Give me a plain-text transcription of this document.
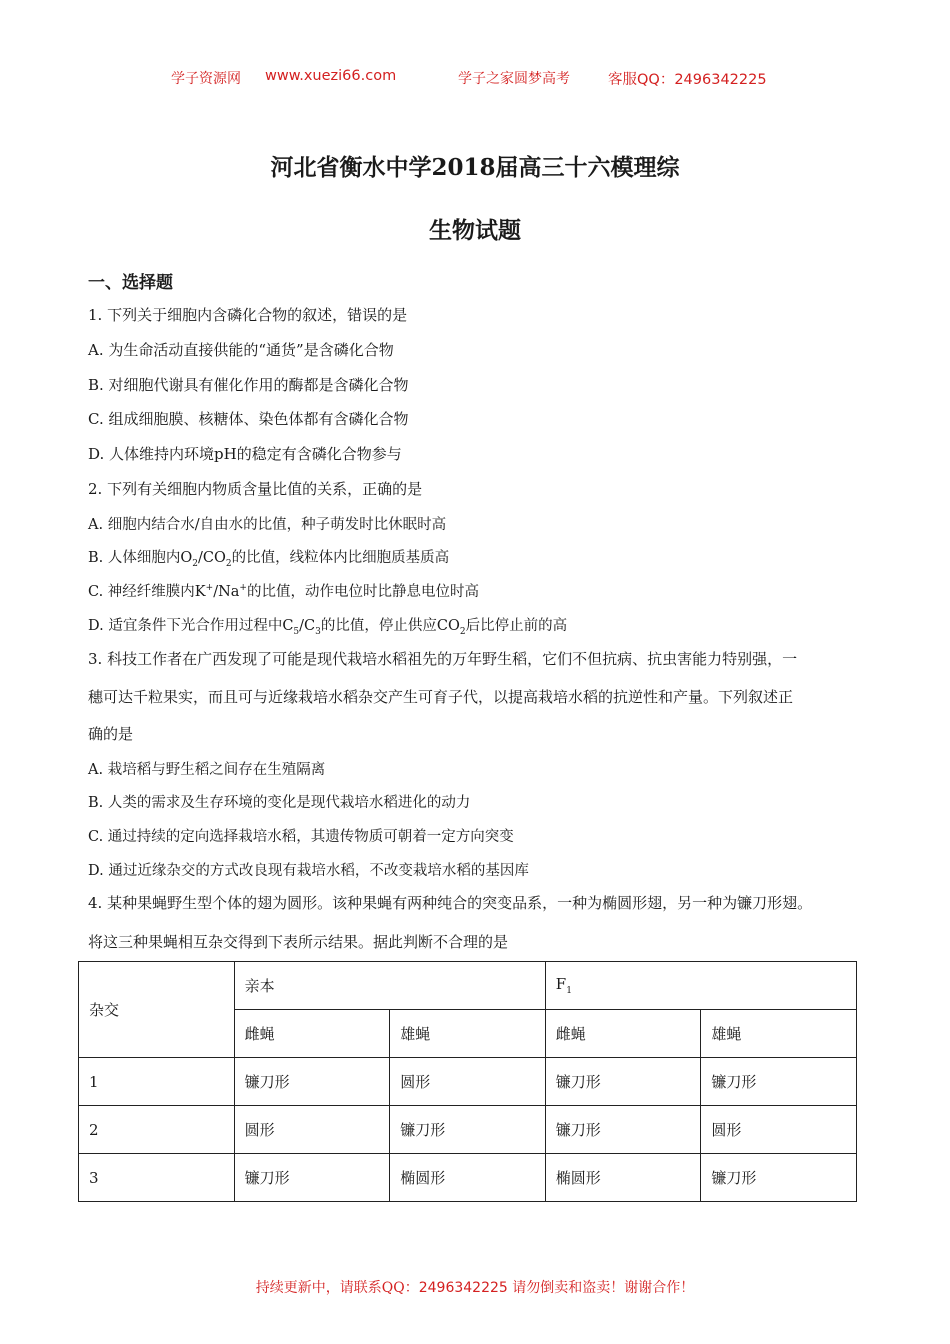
学子资源网 www.xuezi66.com	学子之家圆梦高考	客服QQ：2496342225
河北省衡水中学2018届高三十六模理综
生物试题
一、选择题
1. 下列关于细胞内含磷化合物的叙述，错误的是
A. 为生命活动直接供能的“通货”是含磷化合物
B. 对细胞代谢具有催化作用的酶都是含磷化合物
C. 组成细胞膜、核糖体、染色体都有含磷化合物
D. 人体维持内环境pH的稳定有含磷化合物参与
2. 下列有关细胞内物质含量比值的关系，正确的是
A. 细胞内结合水/自由水的比值，种子萌发时比休眠时高
B. 人体细胞内$O_2/CO_2$的比值，线粒体内比细胞质基质高
C. 神经纤维膜内K+/Na+的比值，动作电位时比静息电位时高
D. 适宜条件下光合作用过程中$C_5/C_3$的比值，停止供应$CO_2$后比停止前的高
3. 科技工作者在广西发现了可能是现代栽培水稻祖先的万年野生稻，它们不但抗病、抗虫害能力特别强，一
穗可达千粒果实，而且可与近缘栽培水稻杂交产生可育子代，以提高栽培水稻的抗逆性和产量。下列叙述正
确的是
A. 栽培稻与野生稻之间存在生殖隔离
B. 人类的需求及生存环境的变化是现代栽培水稻进化的动力
C. 通过持续的定向选择栽培水稻，其遗传物质可朝着一定方向突变
D. 通过近缘杂交的方式改良现有栽培水稻，不改变栽培水稻的基因库
4. 某种果蝇野生型个体的翅为圆形。该种果蝇有两种纯合的突变品系，一种为椭圆形翅，另一种为镰刀形翅。
将这三种果蝇相互杂交得到下表所示结果。据此判断不合理的是
杂交	亲本		$F_1$
	雌蝇	雄蝇	雌蝇	雄蝇
1	镰刀形	圆形	镰刀形	镰刀形
2	圆形	镰刀形	镰刀形	圆形
3	镰刀形	椭圆形	椭圆形	镰刀形
持续更新中，请联系QQ：2496342225 请勿倒卖和盗卖！谢谢合作！
